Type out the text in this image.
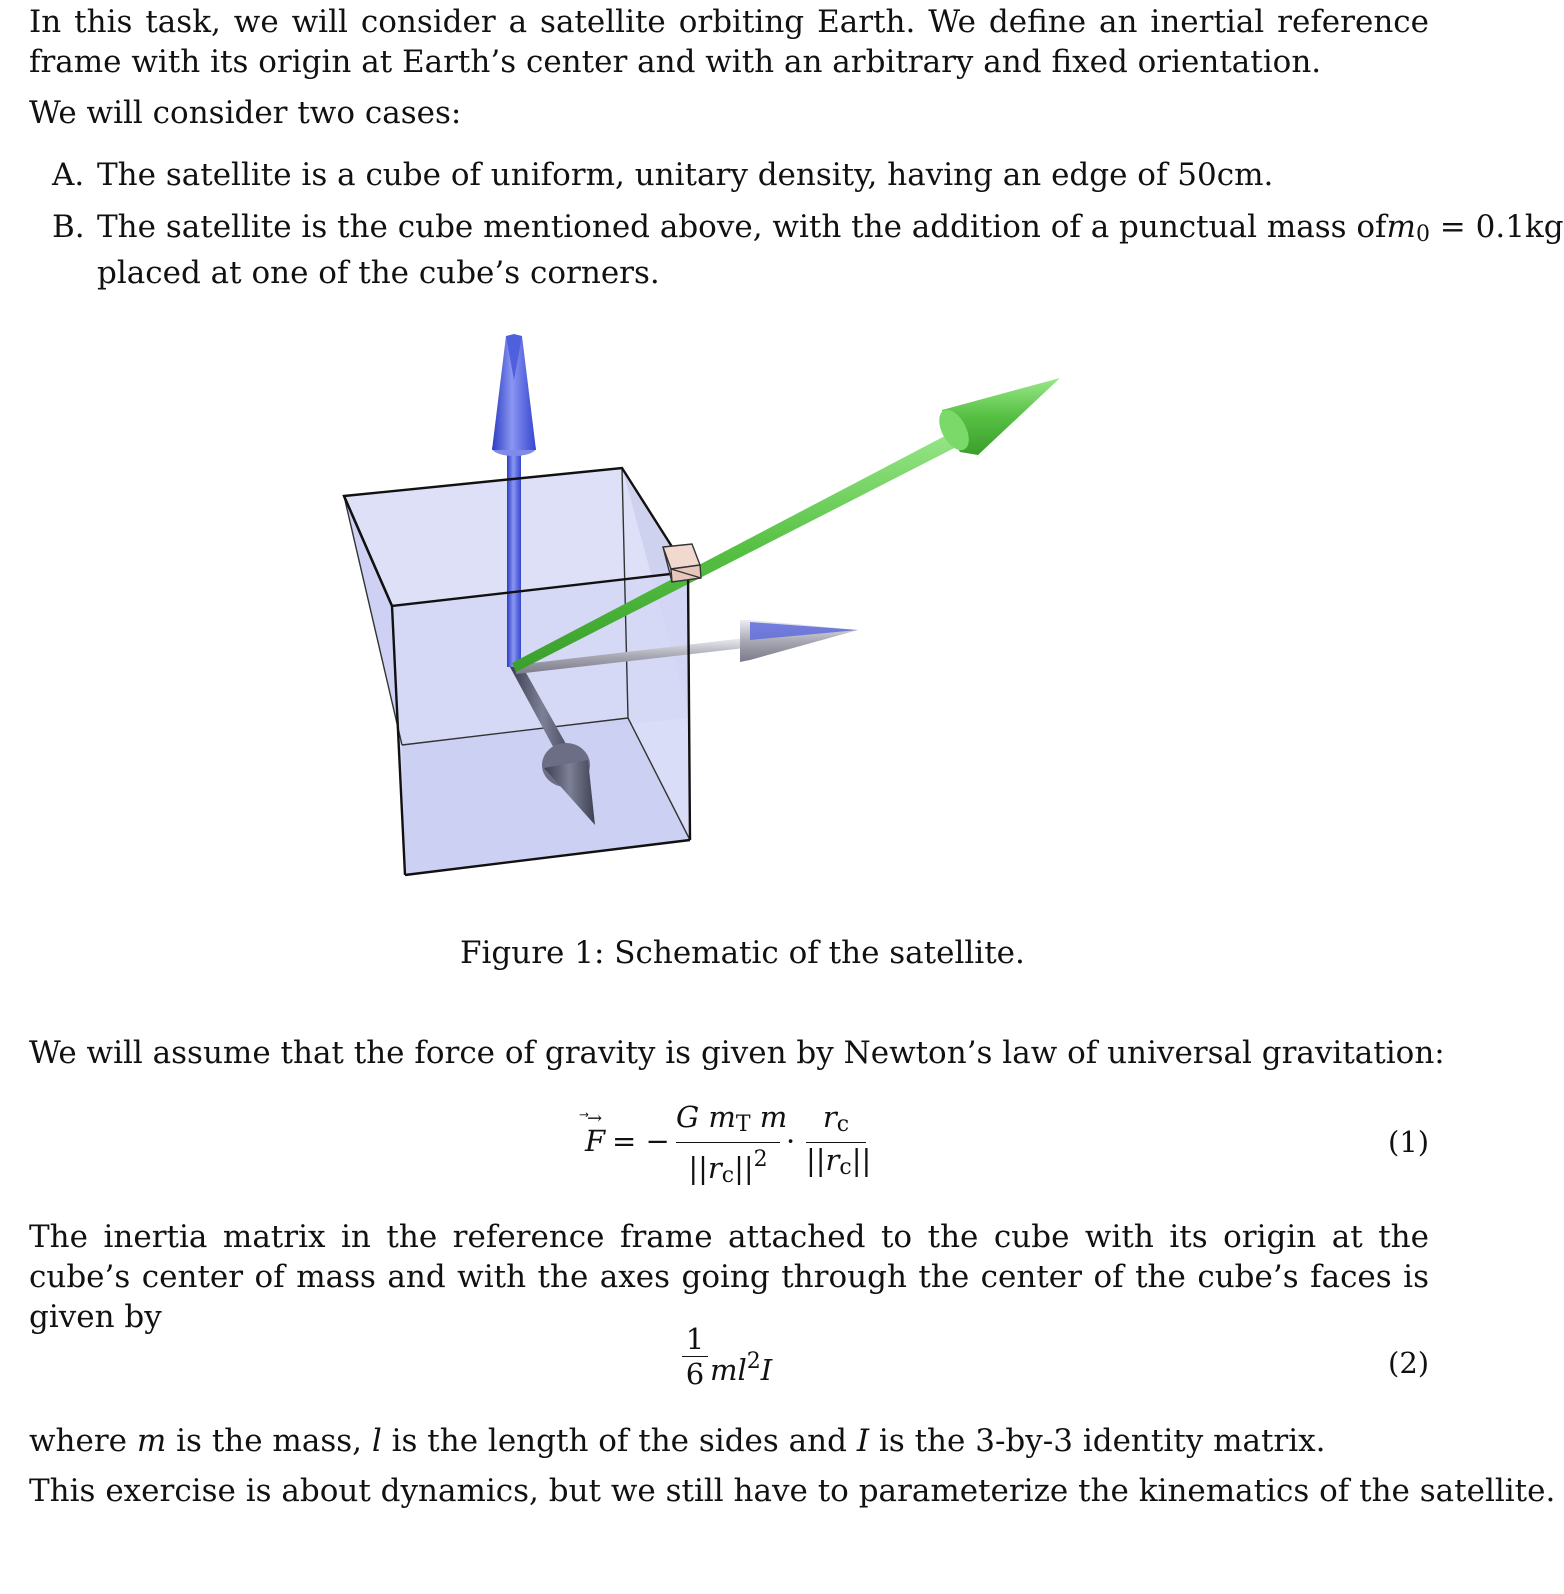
In this task, we will consider a satellite orbiting Earth. We define an inertial reference frame with its origin at Earth’s center and with an arbitrary and fixed orientation.
We will consider two cases:
A. The satellite is a cube of uniform, unitary density, having an edge of 50cm.
B. The satellite is the cube mentioned above, with the addition of a punctual mass of m0 = 0.1kg
placed at one of the cube’s corners.
Figure 1: Schematic of the satellite.
We will assume that the force of gravity is given by Newton’s law of universal gravitation:
→
F = −
G mT m
$||rc||^2$
·
rc
||rc||
(1)
The inertia matrix in the reference frame attached to the cube with its origin at the cube’s center of mass and with the axes going through the center of the cube’s faces is given by
1
6 $ml^2I$	(2)
where m is the mass, l is the length of the sides and I is the 3-by-3 identity matrix.
This exercise is about dynamics, but we still have to parameterize the kinematics of the satellite.
